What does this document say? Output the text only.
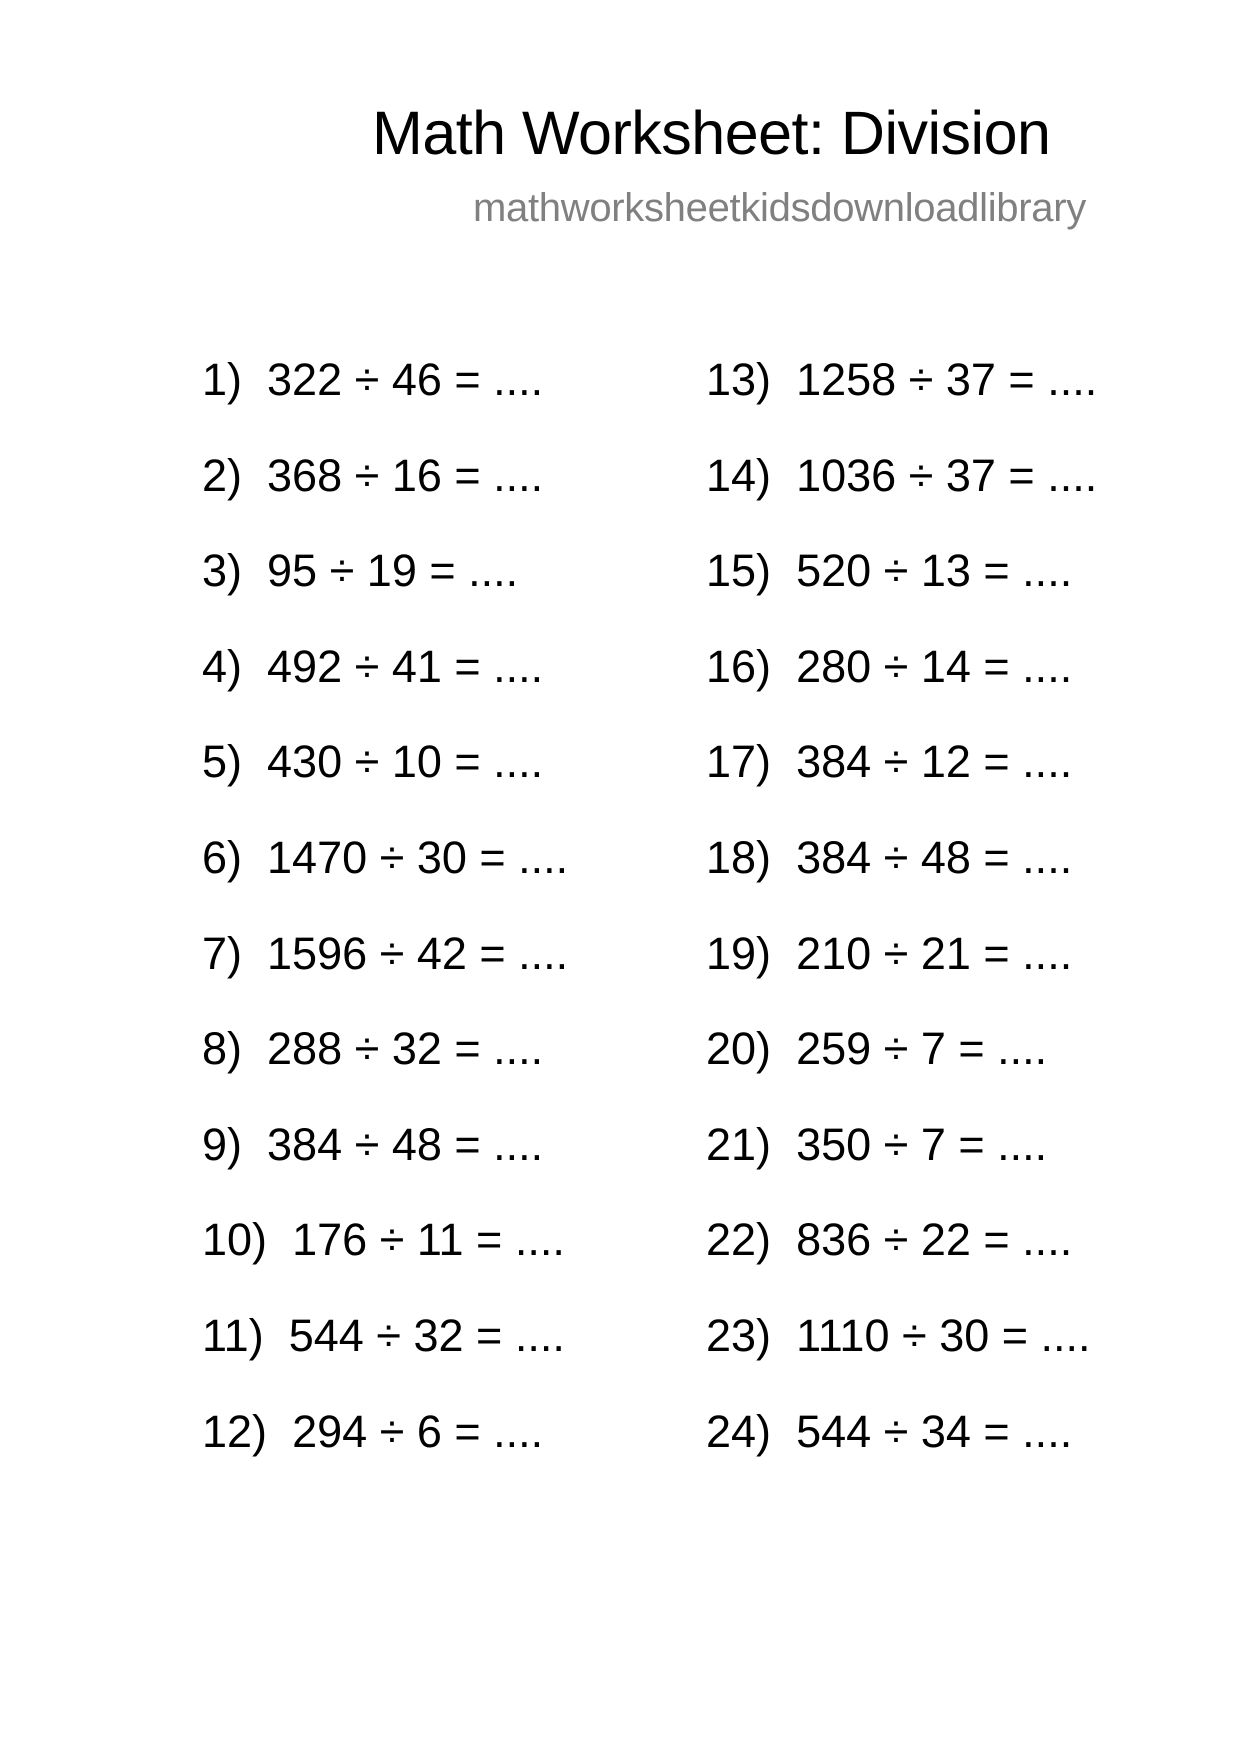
Math Worksheet: Division
mathworksheetkidsdownloadlibrary
1) 322 ÷ 46 = ....
2) 368 ÷ 16 = ....
3) 95 ÷ 19 = ....
4) 492 ÷ 41 = ....
5) 430 ÷ 10 = ....
6) 1470 ÷ 30 = ....
7) 1596 ÷ 42 = ....
8) 288 ÷ 32 = ....
9) 384 ÷ 48 = ....
10) 176 ÷ 11 = ....
11) 544 ÷ 32 = ....
12) 294 ÷ 6 = ....
13) 1258 ÷ 37 = ....
14) 1036 ÷ 37 = ....
15) 520 ÷ 13 = ....
16) 280 ÷ 14 = ....
17) 384 ÷ 12 = ....
18) 384 ÷ 48 = ....
19) 210 ÷ 21 = ....
20) 259 ÷ 7 = ....
21) 350 ÷ 7 = ....
22) 836 ÷ 22 = ....
23) 1110 ÷ 30 = ....
24) 544 ÷ 34 = ....
